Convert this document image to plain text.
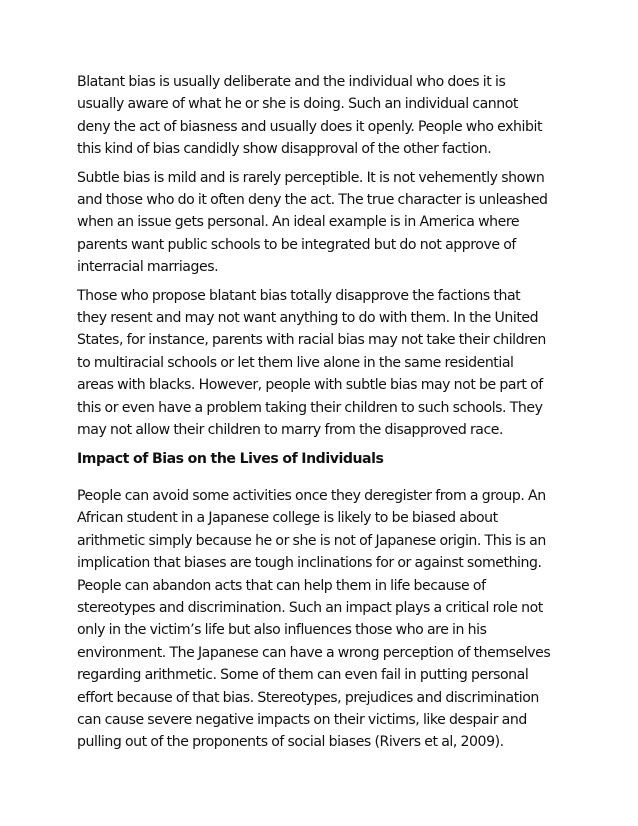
Blatant bias is usually deliberate and the individual who does it is
usually aware of what he or she is doing. Such an individual cannot
deny the act of biasness and usually does it openly. People who exhibit
this kind of bias candidly show disapproval of the other faction.
Subtle bias is mild and is rarely perceptible. It is not vehemently shown
and those who do it often deny the act. The true character is unleashed
when an issue gets personal. An ideal example is in America where
parents want public schools to be integrated but do not approve of
interracial marriages.
Those who propose blatant bias totally disapprove the factions that
they resent and may not want anything to do with them. In the United
States, for instance, parents with racial bias may not take their children
to multiracial schools or let them live alone in the same residential
areas with blacks. However, people with subtle bias may not be part of
this or even have a problem taking their children to such schools. They
may not allow their children to marry from the disapproved race.
Impact of Bias on the Lives of Individuals
People can avoid some activities once they deregister from a group. An
African student in a Japanese college is likely to be biased about
arithmetic simply because he or she is not of Japanese origin. This is an
implication that biases are tough inclinations for or against something.
People can abandon acts that can help them in life because of
stereotypes and discrimination. Such an impact plays a critical role not
only in the victim’s life but also influences those who are in his
environment. The Japanese can have a wrong perception of themselves
regarding arithmetic. Some of them can even fail in putting personal
effort because of that bias. Stereotypes, prejudices and discrimination
can cause severe negative impacts on their victims, like despair and
pulling out of the proponents of social biases (Rivers et al, 2009).
